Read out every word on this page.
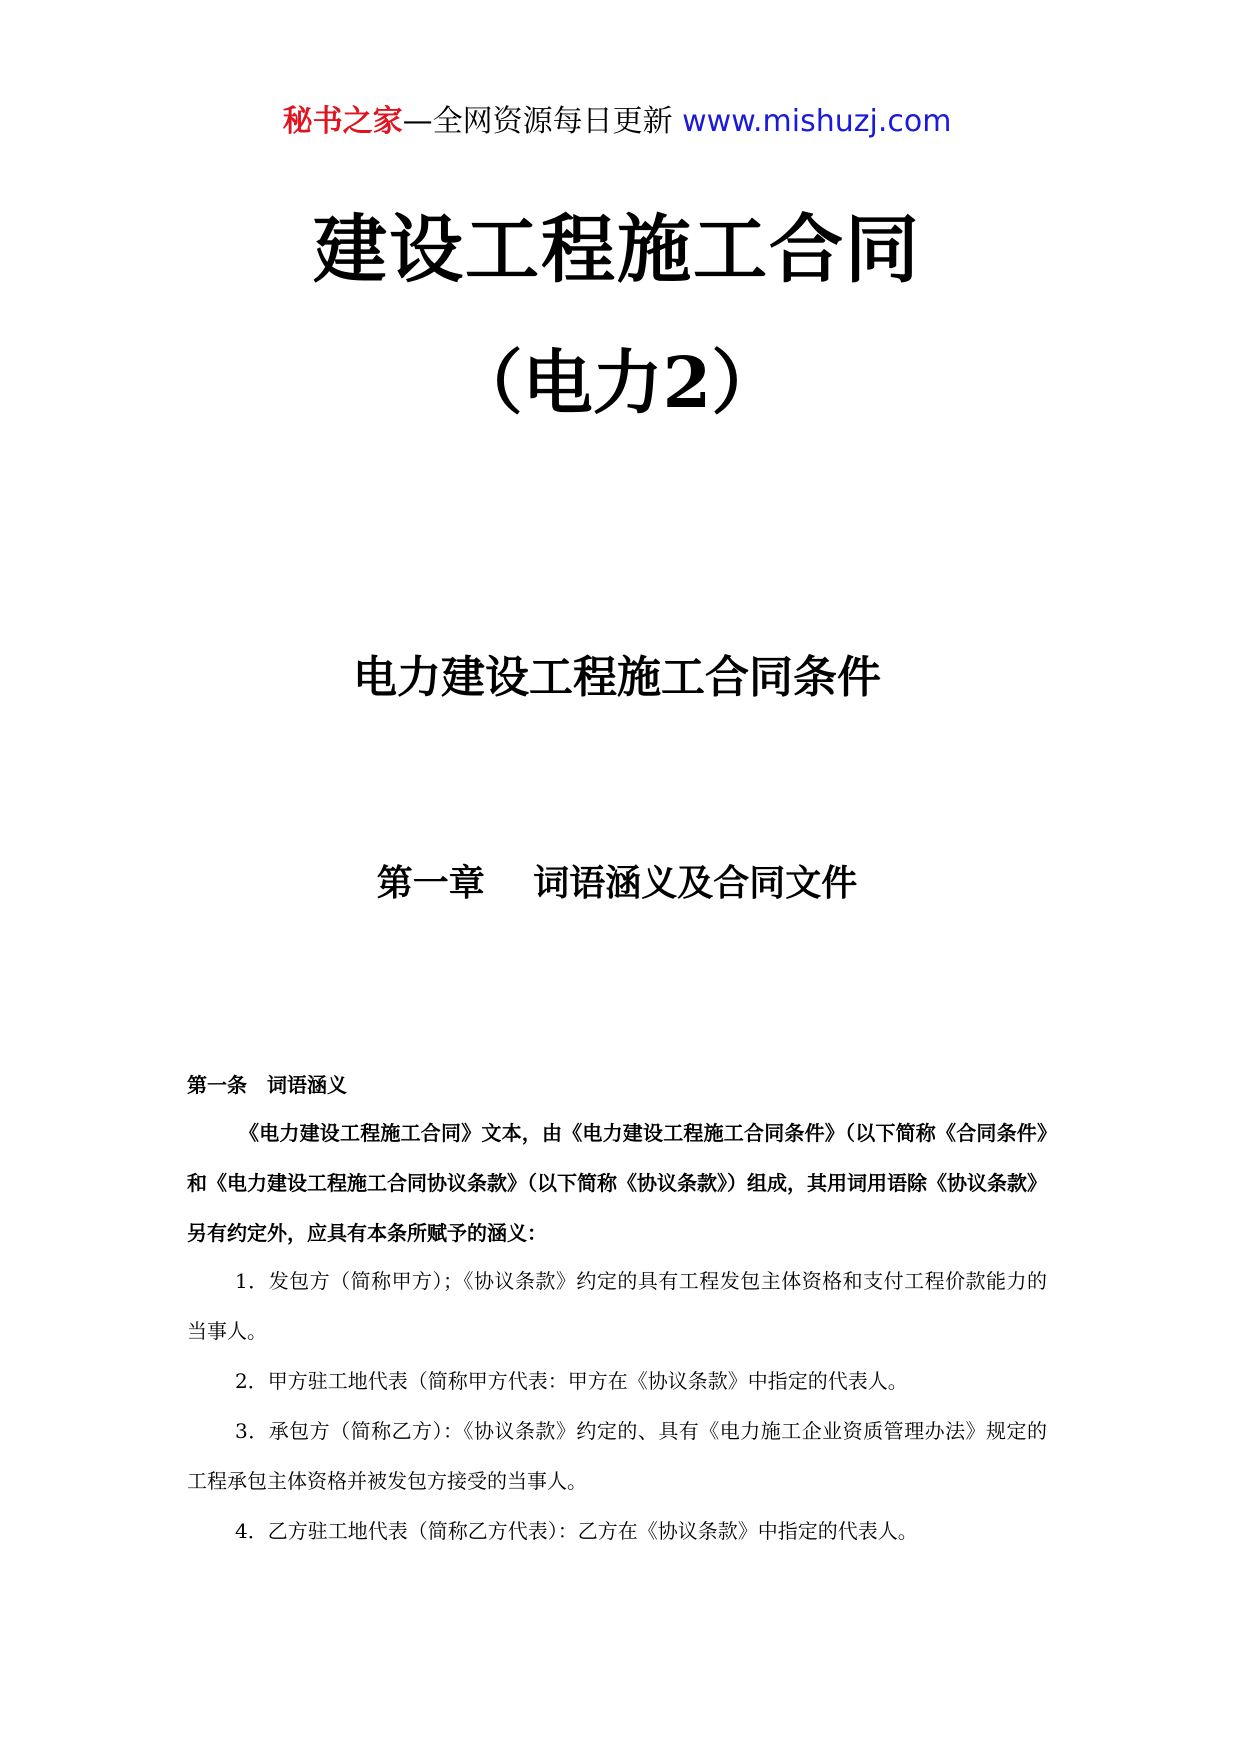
秘书之家—全网资源每日更新 www.mishuzj.com
建设工程施工合同
（电力2）
电力建设工程施工合同条件
第一章　 词语涵义及合同文件
第一条　词语涵义
《电力建设工程施工合同》文本，由《电力建设工程施工合同条件》（以下简称《合同条件》和《电力建设工程施工合同协议条款》（以下简称《协议条款》）组成，其用词用语除《协议条款》另有约定外，应具有本条所赋予的涵义：

1．发包方（简称甲方）；《协议条款》约定的具有工程发包主体资格和支付工程价款能力的当事人。

2．甲方驻工地代表（简称甲方代表：甲方在《协议条款》中指定的代表人。

3．承包方（简称乙方）：《协议条款》约定的、具有《电力施工企业资质管理办法》规定的工程承包主体资格并被发包方接受的当事人。

4．乙方驻工地代表（简称乙方代表）：乙方在《协议条款》中指定的代表人。
